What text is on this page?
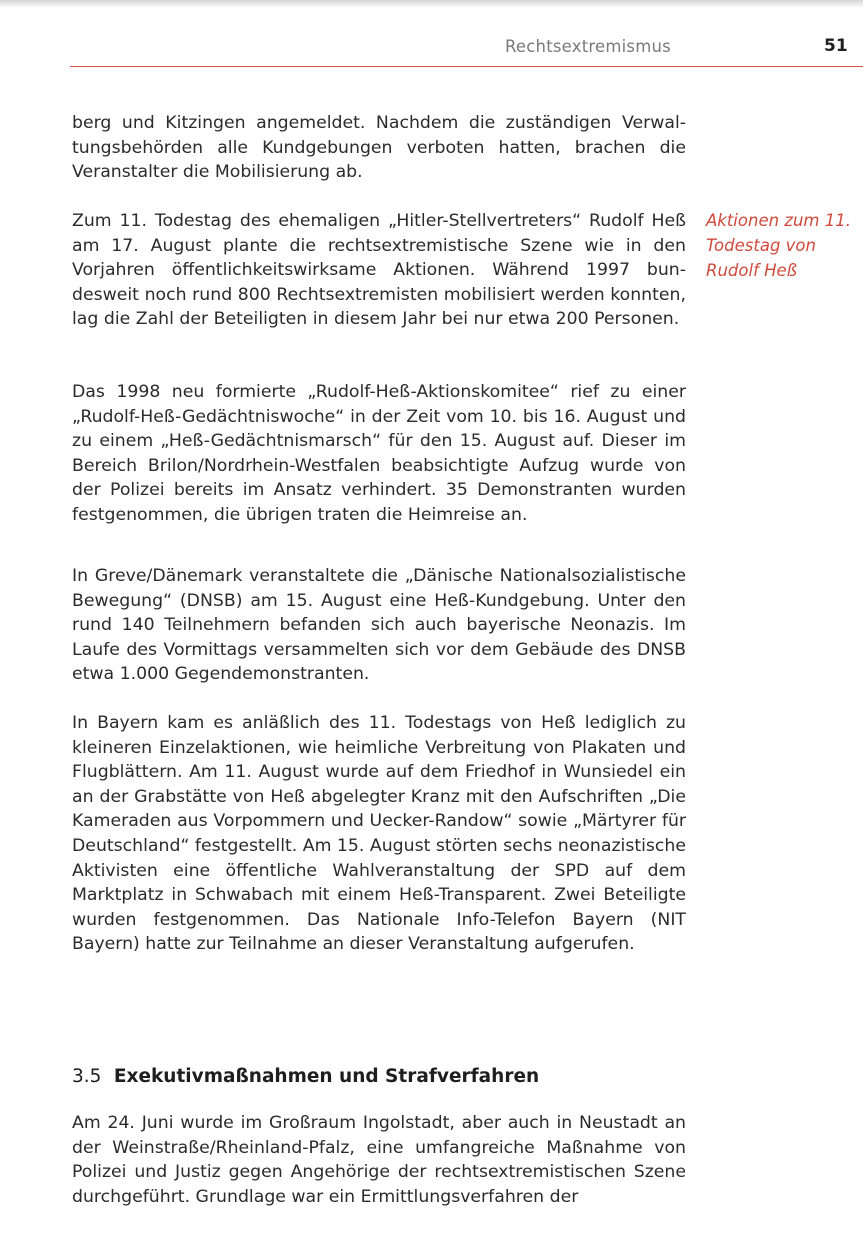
Rechtsextremismus	51

berg und Kitzingen angemeldet. Nachdem die zuständigen Verwaltungsbehörden alle Kundgebungen verboten hatten, brachen die Veranstalter die Mobilisierung ab.

Zum 11. Todestag des ehemaligen „Hitler-Stellvertreters“ Rudolf Heß am 17. August plante die rechtsextremistische Szene wie in den Vorjahren öffentlichkeitswirksame Aktionen. Während 1997 bundesweit noch rund 800 Rechtsextremisten mobilisiert werden konnten, lag die Zahl der Beteiligten in diesem Jahr bei nur etwa 200 Personen.

Das 1998 neu formierte „Rudolf-Heß-Aktionskomitee“ rief zu einer „Rudolf-Heß-Gedächtniswoche“ in der Zeit vom 10. bis 16. August und zu einem „Heß-Gedächtnismarsch“ für den 15. August auf. Dieser im Bereich Brilon/Nordrhein-Westfalen beabsichtigte Aufzug wurde von der Polizei bereits im Ansatz verhindert. 35 Demonstranten wurden festgenommen, die übrigen traten die Heimreise an.

In Greve/Dänemark veranstaltete die „Dänische Nationalsozialistische Bewegung“ (DNSB) am 15. August eine Heß-Kundgebung. Unter den rund 140 Teilnehmern befanden sich auch bayerische Neonazis. Im Laufe des Vormittags versammelten sich vor dem Gebäude des DNSB etwa 1.000 Gegendemonstranten.

In Bayern kam es anläßlich des 11. Todestags von Heß lediglich zu kleineren Einzelaktionen, wie heimliche Verbreitung von Plakaten und Flugblättern. Am 11. August wurde auf dem Friedhof in Wunsiedel ein an der Grabstätte von Heß abgelegter Kranz mit den Aufschriften „Die Kameraden aus Vorpommern und Uecker-Randow“ sowie „Märtyrer für Deutschland“ festgestellt. Am 15. August störten sechs neonazistische Aktivisten eine öffentliche Wahlveranstaltung der SPD auf dem Marktplatz in Schwabach mit einem Heß-Transparent. Zwei Beteiligte wurden festgenommen. Das Nationale Info-Telefon Bayern (NIT Bayern) hatte zur Teilnahme an dieser Veranstaltung aufgerufen.

Aktionen zum 11. Todestag von Rudolf Heß
3.5 Exekutivmaßnahmen und Strafverfahren

Am 24. Juni wurde im Großraum Ingolstadt, aber auch in Neustadt an der Weinstraße/Rheinland-Pfalz, eine umfangreiche Maßnahme von Polizei und Justiz gegen Angehörige der rechtsextremistischen Szene durchgeführt. Grundlage war ein Ermittlungsverfahren der
